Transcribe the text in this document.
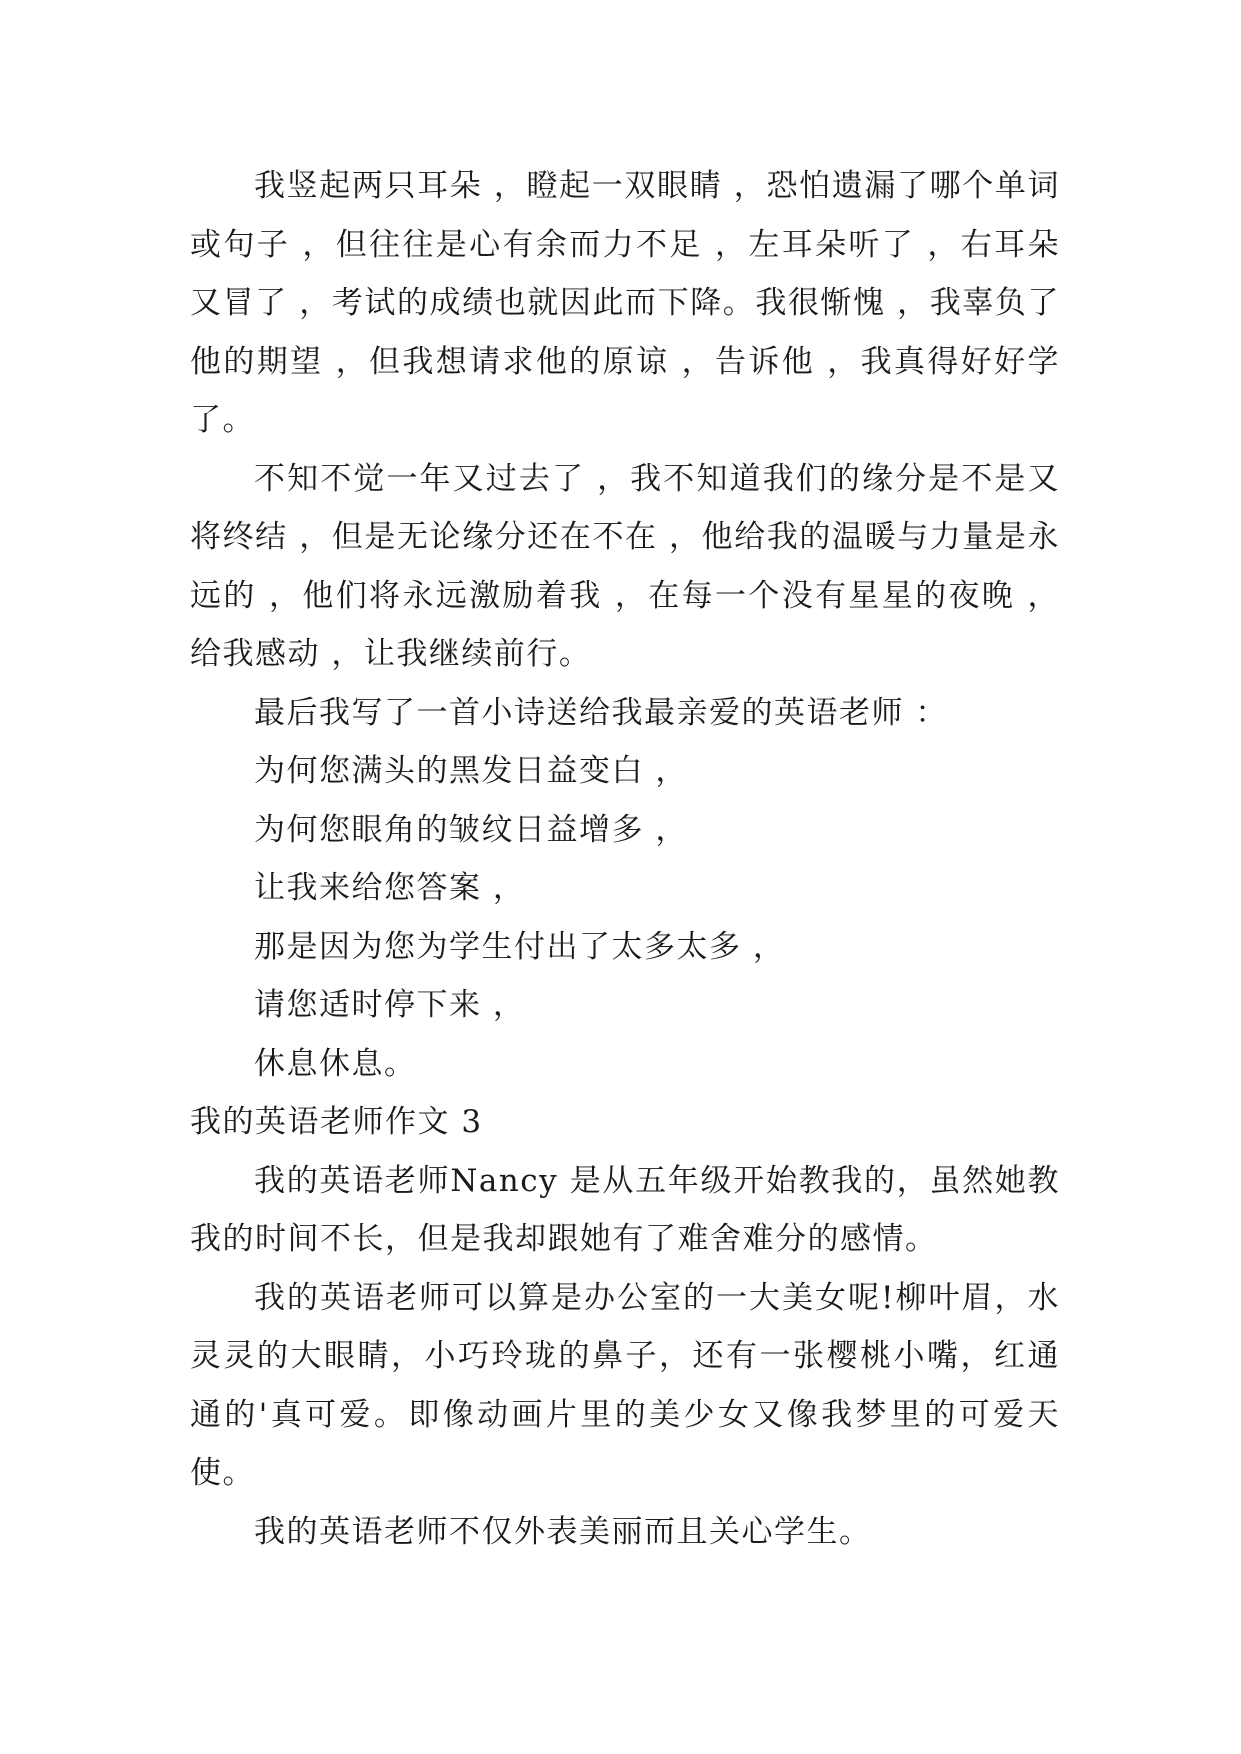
我竖起两只耳朵 ，瞪起一双眼睛 ，恐怕遗漏了哪个单词或句子 ，但往往是心有余而力不足 ，左耳朵听了 ，右耳朵又冒了 ，考试的成绩也就因此而下降。我很惭愧 ，我辜负了他的期望 ，但我想请求他的原谅 ，告诉他 ，我真得好好学了。

不知不觉一年又过去了 ，我不知道我们的缘分是不是又将终结 ，但是无论缘分还在不在 ，他给我的温暖与力量是永远的 ，他们将永远激励着我 ，在每一个没有星星的夜晚 ，给我感动 ，让我继续前行。

最后我写了一首小诗送给我最亲爱的英语老师 ：

为何您满头的黑发日益变白 ，

为何您眼角的皱纹日益增多 ，

让我来给您答案 ，

那是因为您为学生付出了太多太多 ，

请您适时停下来 ，

休息休息。

我的英语老师作文 3

我的英语老师Nancy 是从五年级开始教我的，虽然她教我的时间不长，但是我却跟她有了难舍难分的感情。

我的英语老师可以算是办公室的一大美女呢!柳叶眉，水灵灵的大眼睛，小巧玲珑的鼻子，还有一张樱桃小嘴，红通通的'真可爱。即像动画片里的美少女又像我梦里的可爱天使。

我的英语老师不仅外表美丽而且关心学生。
